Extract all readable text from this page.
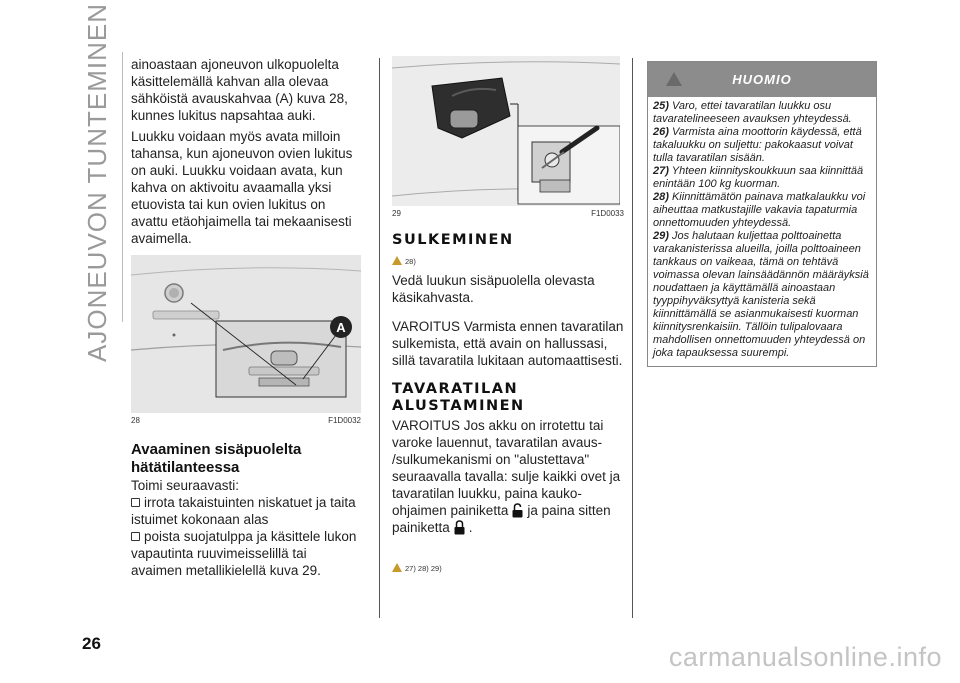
AJONEUVON TUNTEMINEN ainoastaan ajoneuvon ulkopuolelta käsittelemällä kahvan alla olevaa sähköistä avauskahvaa (A) kuva 28, kunnes lukitus napsahtaa auki.

Luukku voidaan myös avata milloin tahansa, kun ajoneuvon ovien lukitus on auki. Luukku voidaan avata, kun kahva on aktivoitu avaamalla yksi etuovista tai kun ovien lukitus on avattu etäohjaimella tai mekaanisesti avaimella.

A
28	F1D0032
Avaaminen sisäpuolelta hätätilanteessa

Toimi seuraavasti:

irrota takaistuinten niskatuet ja taita istuimet kokonaan alas

poista suojatulppa ja käsittele lukon vapautinta ruuvimeisselillä tai avaimen metallikielellä kuva 29.

29	F1D0033
SULKEMINEN
28)

Vedä luukun sisäpuolella olevasta käsikahvasta.

VAROITUS Varmista ennen tavaratilan sulkemista, että avain on hallussasi, sillä tavaratila lukitaan automaattisesti.

TAVARATILAN ALUSTAMINEN

VAROITUS Jos akku on irrotettu tai varoke lauennut, tavaratilan avaus- /sulkumekanismi on "alustettava" seuraavalla tavalla: sulje kaikki ovet ja tavaratilan luukku, paina kauko-ohjaimen painiketta ja paina sitten painiketta .

27) 28) 29)
HUOMIO

25) Varo, ettei tavaratilan luukku osu tavaratelineeseen avauksen yhteydessä.

26) Varmista aina moottorin käydessä, että takaluukku on suljettu: pakokaasut voivat tulla tavaratilan sisään.

27) Yhteen kiinnityskoukkuun saa kiinnittää enintään 100 kg kuorman.

28) Kiinnittämätön painava matkalaukku voi aiheuttaa matkustajille vakavia tapaturmia onnettomuuden yhteydessä.

29) Jos halutaan kuljettaa polttoainetta varakanisterissa alueilla, joilla polttoaineen tankkaus on vaikeaa, tämä on tehtävä voimassa olevan lainsäädännön määräyksiä noudattaen ja käyttämällä ainoastaan tyyppihyväksyttyä kanisteria sekä kiinnittämällä se asianmukaisesti kuorman kiinnitysrenkaisiin. Tällöin tulipalovaara mahdollisen onnettomuuden yhteydessä on joka tapauksessa suurempi.

26	carmanualsonline.info
